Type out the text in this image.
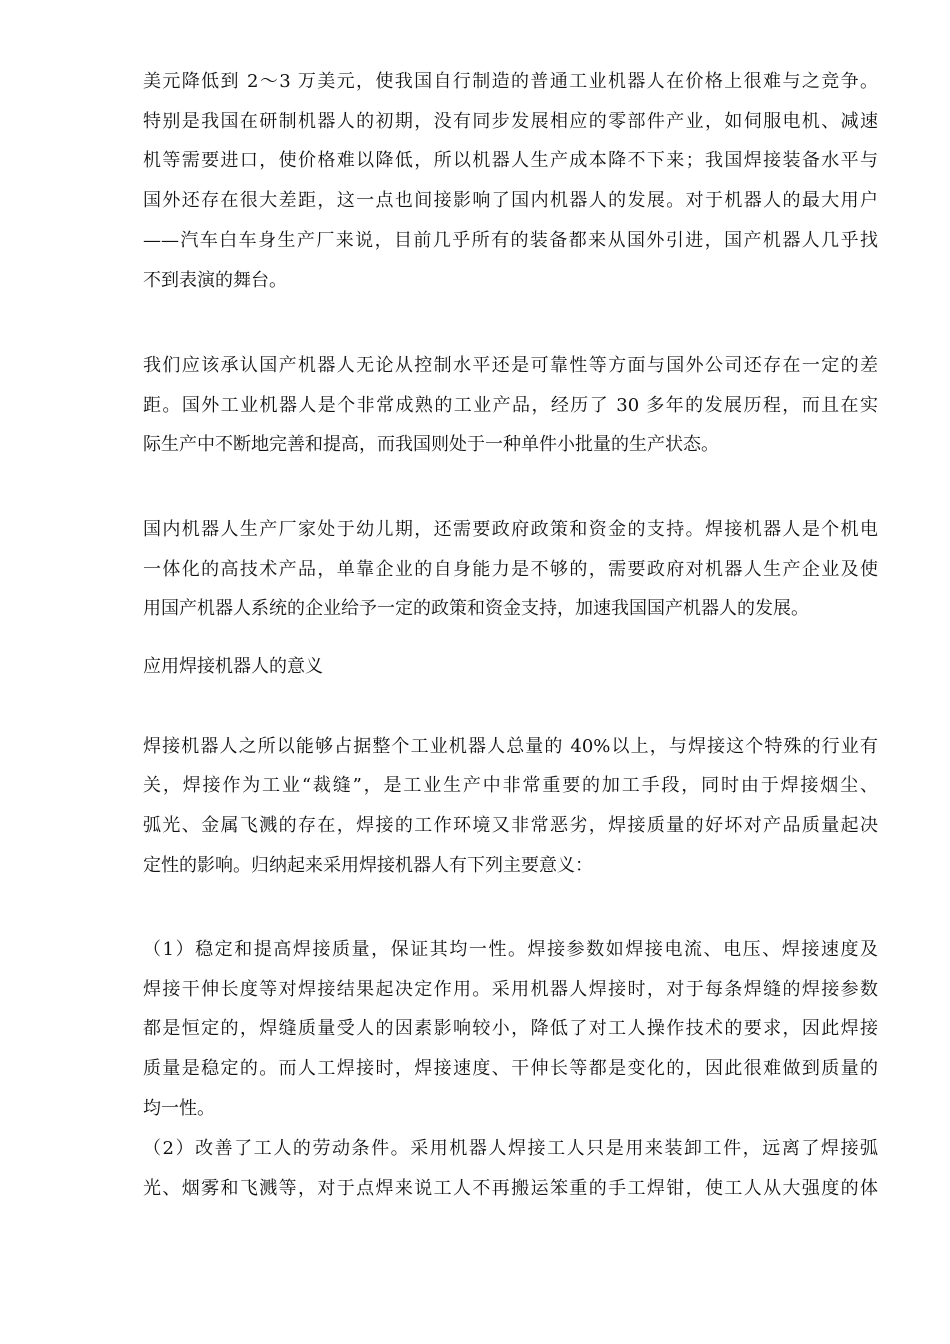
美元降低到 2～3 万美元，使我国自行制造的普通工业机器人在价格上很难与之竞争。
特别是我国在研制机器人的初期，没有同步发展相应的零部件产业，如伺服电机、减速
机等需要进口，使价格难以降低，所以机器人生产成本降不下来；我国焊接装备水平与
国外还存在很大差距，这一点也间接影响了国内机器人的发展。对于机器人的最大用户
——汽车白车身生产厂来说，目前几乎所有的装备都来从国外引进，国产机器人几乎找
不到表演的舞台。
我们应该承认国产机器人无论从控制水平还是可靠性等方面与国外公司还存在一定的差
距。国外工业机器人是个非常成熟的工业产品，经历了 30 多年的发展历程，而且在实
际生产中不断地完善和提高，而我国则处于一种单件小批量的生产状态。
国内机器人生产厂家处于幼儿期，还需要政府政策和资金的支持。焊接机器人是个机电
一体化的高技术产品，单靠企业的自身能力是不够的，需要政府对机器人生产企业及使
用国产机器人系统的企业给予一定的政策和资金支持，加速我国国产机器人的发展。
应用焊接机器人的意义
焊接机器人之所以能够占据整个工业机器人总量的 40%以上，与焊接这个特殊的行业有
关，焊接作为工业“裁缝”，是工业生产中非常重要的加工手段，同时由于焊接烟尘、
弧光、金属飞溅的存在，焊接的工作环境又非常恶劣，焊接质量的好坏对产品质量起决
定性的影响。归纳起来采用焊接机器人有下列主要意义：
（1）稳定和提高焊接质量，保证其均一性。焊接参数如焊接电流、电压、焊接速度及
焊接干伸长度等对焊接结果起决定作用。采用机器人焊接时，对于每条焊缝的焊接参数
都是恒定的，焊缝质量受人的因素影响较小，降低了对工人操作技术的要求，因此焊接
质量是稳定的。而人工焊接时，焊接速度、干伸长等都是变化的，因此很难做到质量的
均一性。
（2）改善了工人的劳动条件。采用机器人焊接工人只是用来装卸工件，远离了焊接弧
光、烟雾和飞溅等，对于点焊来说工人不再搬运笨重的手工焊钳，使工人从大强度的体
